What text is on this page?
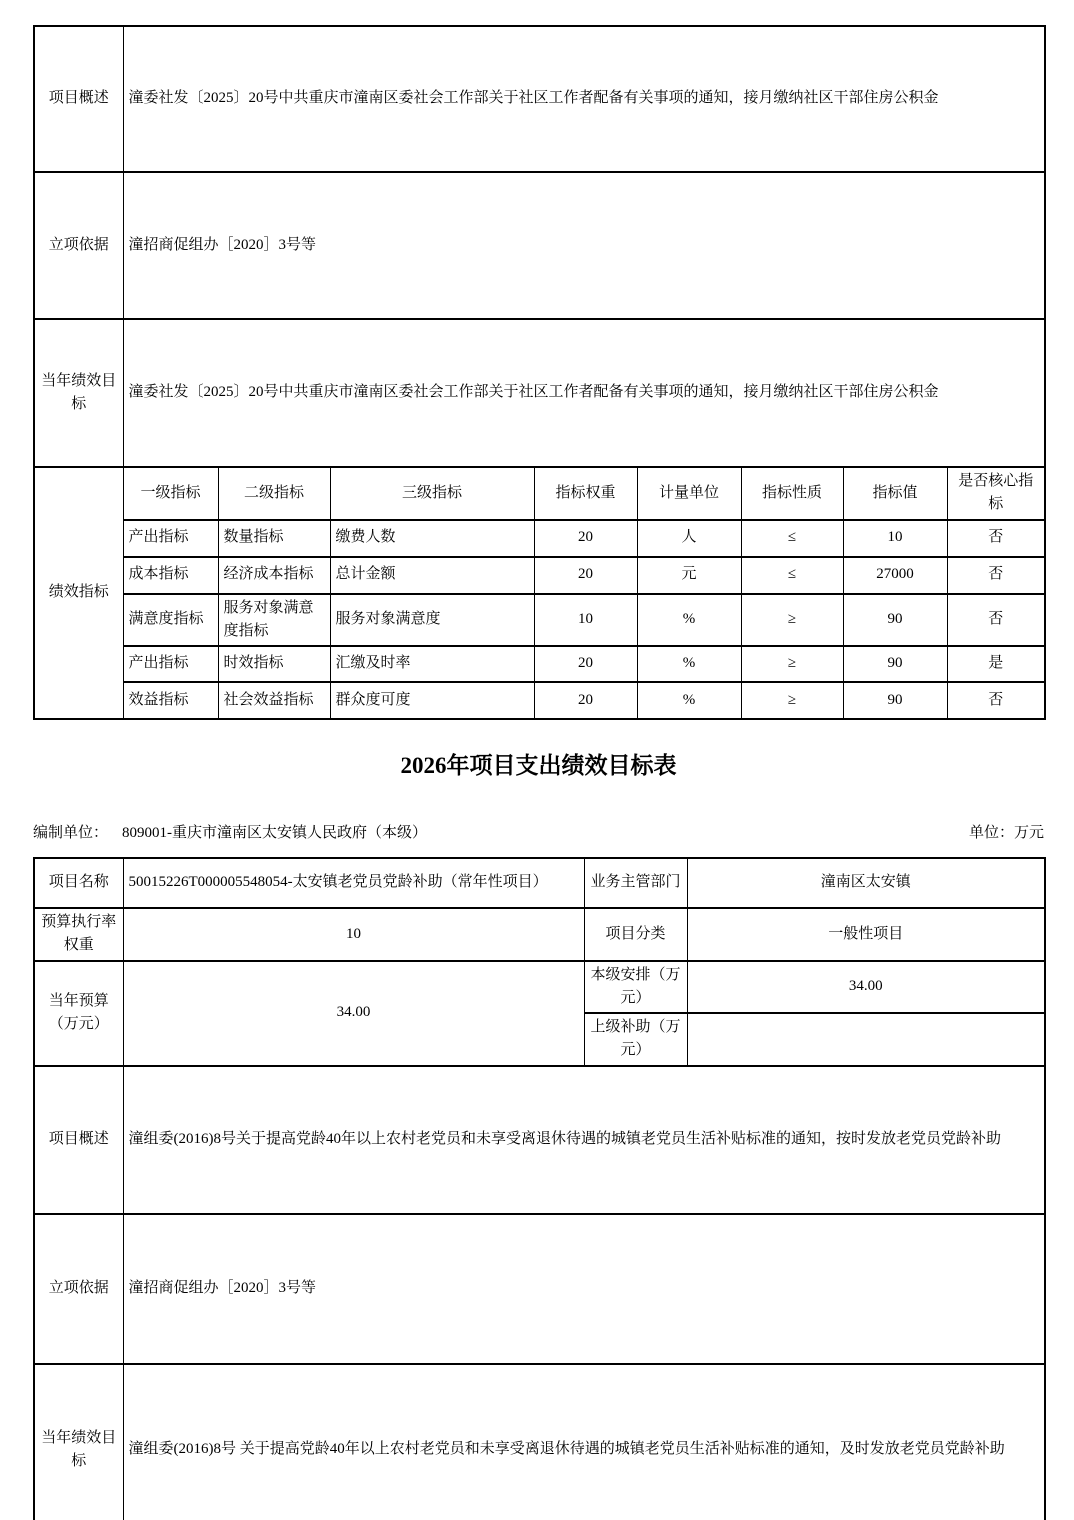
项目概述	潼委社发〔2025〕20号中共重庆市潼南区委社会工作部关于社区工作者配备有关事项的通知，接月缴纳社区干部住房公积金							
立项依据	潼招商促组办［2020］3号等							
当年绩效目标	潼委社发〔2025〕20号中共重庆市潼南区委社会工作部关于社区工作者配备有关事项的通知，接月缴纳社区干部住房公积金							
绩效指标	一级指标	二级指标	三级指标	指标权重	计量单位	指标性质	指标值	是否核心指标
	产出指标	数量指标	缴费人数	20	人	≤	10	否
	成本指标	经济成本指标	总计金额	20	元	≤	27000	否
	满意度指标	服务对象满意度指标	服务对象满意度	10	%	≥	90	否
	产出指标	时效指标	汇缴及时率	20	%	≥	90	是
	效益指标	社会效益指标	群众度可度	20	%	≥	90	否
2026年项目支出绩效目标表
编制单位： 809001-重庆市潼南区太安镇人民政府（本级）	单位：万元
项目名称	50015226T000005548054-太安镇老党员党龄补助（常年性项目）	业务主管部门	潼南区太安镇
预算执行率权重	10	项目分类	一般性项目
当年预算（万元）	34.00	本级安排（万元）	34.00
		上级补助（万元）	
项目概述	潼组委(2016)8号关于提高党龄40年以上农村老党员和未享受离退休待遇的城镇老党员生活补贴标准的通知，按时发放老党员党龄补助		
立项依据	潼招商促组办［2020］3号等		
当年绩效目标	潼组委(2016)8号 关于提高党龄40年以上农村老党员和未享受离退休待遇的城镇老党员生活补贴标准的通知，及时发放老党员党龄补助		
